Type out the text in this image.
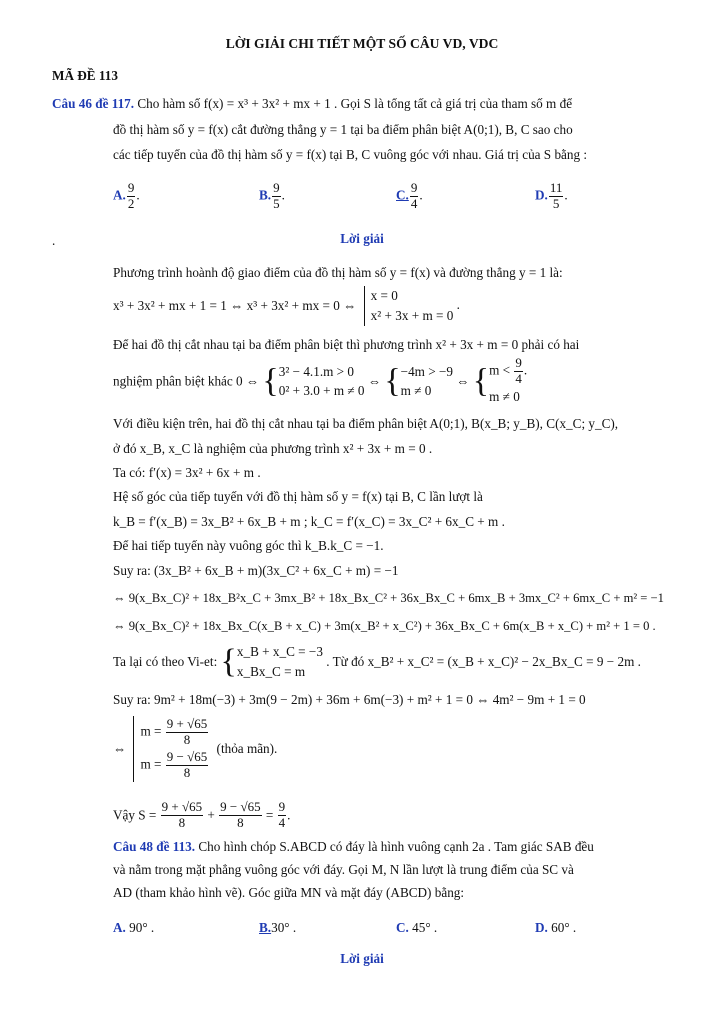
LỜI GIẢI CHI TIẾT MỘT SỐ CÂU VD, VDC
MÃ ĐỀ 113
Câu 46 đề 117. Cho hàm số f(x) = x³ + 3x² + mx + 1 . Gọi S là tổng tất cả giá trị của tham số m để
đồ thị hàm số y = f(x) cắt đường thẳng y = 1 tại ba điểm phân biệt A(0;1), B, C sao cho
các tiếp tuyến của đồ thị hàm số y = f(x) tại B, C vuông góc với nhau. Giá trị của S bằng :
A. $\frac{9}{2}$ .	B. $\frac{9}{5}$ .	C. $\frac{9}{4}$ .	D. $\frac{11}{5}$ .
.	Lời giải
Phương trình hoành độ giao điểm của đồ thị hàm số y = f(x) và đường thẳng y = 1 là:
x³ + 3x² + mx + 1 = 1 ⇔ x³ + 3x² + mx = 0 ⇔
x = 0
x² + 3x + m = 0
.
Để hai đồ thị cắt nhau tại ba điểm phân biệt thì phương trình x² + 3x + m = 0 phải có hai
nghiệm phân biệt khác 0 ⇔ { 3² − 4.1.m > 0
0² + 3.0 + m ≠ 0
⇔ { −4m > −9
m ≠ 0
⇔ { $m < \frac{9}{4}$ .
m ≠ 0
Với điều kiện trên, hai đồ thị cắt nhau tại ba điểm phân biệt A(0;1), B(x_B; y_B), C(x_C; y_C),
ở đó x_B, x_C là nghiệm của phương trình x² + 3x + m = 0 .
Ta có: f′(x) = 3x² + 6x + m .
Hệ số góc của tiếp tuyến với đồ thị hàm số y = f(x) tại B, C lần lượt là
k_B = f′(x_B) = 3x_B² + 6x_B + m ; k_C = f′(x_C) = 3x_C² + 6x_C + m .
Để hai tiếp tuyến này vuông góc thì k_B.k_C = −1.
Suy ra: (3x_B² + 6x_B + m)(3x_C² + 6x_C + m) = −1
⇔ 9(x_Bx_C)² + 18x_B²x_C + 3mx_B² + 18x_Bx_C² + 36x_Bx_C + 6mx_B + 3mx_C² + 6mx_C + m² = −1
⇔ 9(x_Bx_C)² + 18x_Bx_C(x_B + x_C) + 3m(x_B² + x_C²) + 36x_Bx_C + 6m(x_B + x_C) + m² + 1 = 0 .
Ta lại có theo Vi-et: { x_B + x_C = −3
x_Bx_C = m
. Từ đó x_B² + x_C² = (x_B + x_C)² − 2x_Bx_C = 9 − 2m .
Suy ra: 9m² + 18m(−3) + 3m(9 − 2m) + 36m + 6m(−3) + m² + 1 = 0 ⇔ 4m² − 9m + 1 = 0
⇔
$m = \frac{9 + √65}{8}$
$m = \frac{9 - √65}{8}$
(thỏa mãn).
Vậy $S = \frac{9 + √65}{8} + \frac{9 - √65}{8} = \frac{9}{4}$ .
Câu 48 đề 113. Cho hình chóp S.ABCD có đáy là hình vuông cạnh 2a . Tam giác SAB đều
và nằm trong mặt phẳng vuông góc với đáy. Gọi M, N lần lượt là trung điểm của SC và
AD (tham khảo hình vẽ). Góc giữa MN và mặt đáy (ABCD) bằng:
A. 90° .	B.30° .	C. 45° .	D. 60° .
Lời giải
